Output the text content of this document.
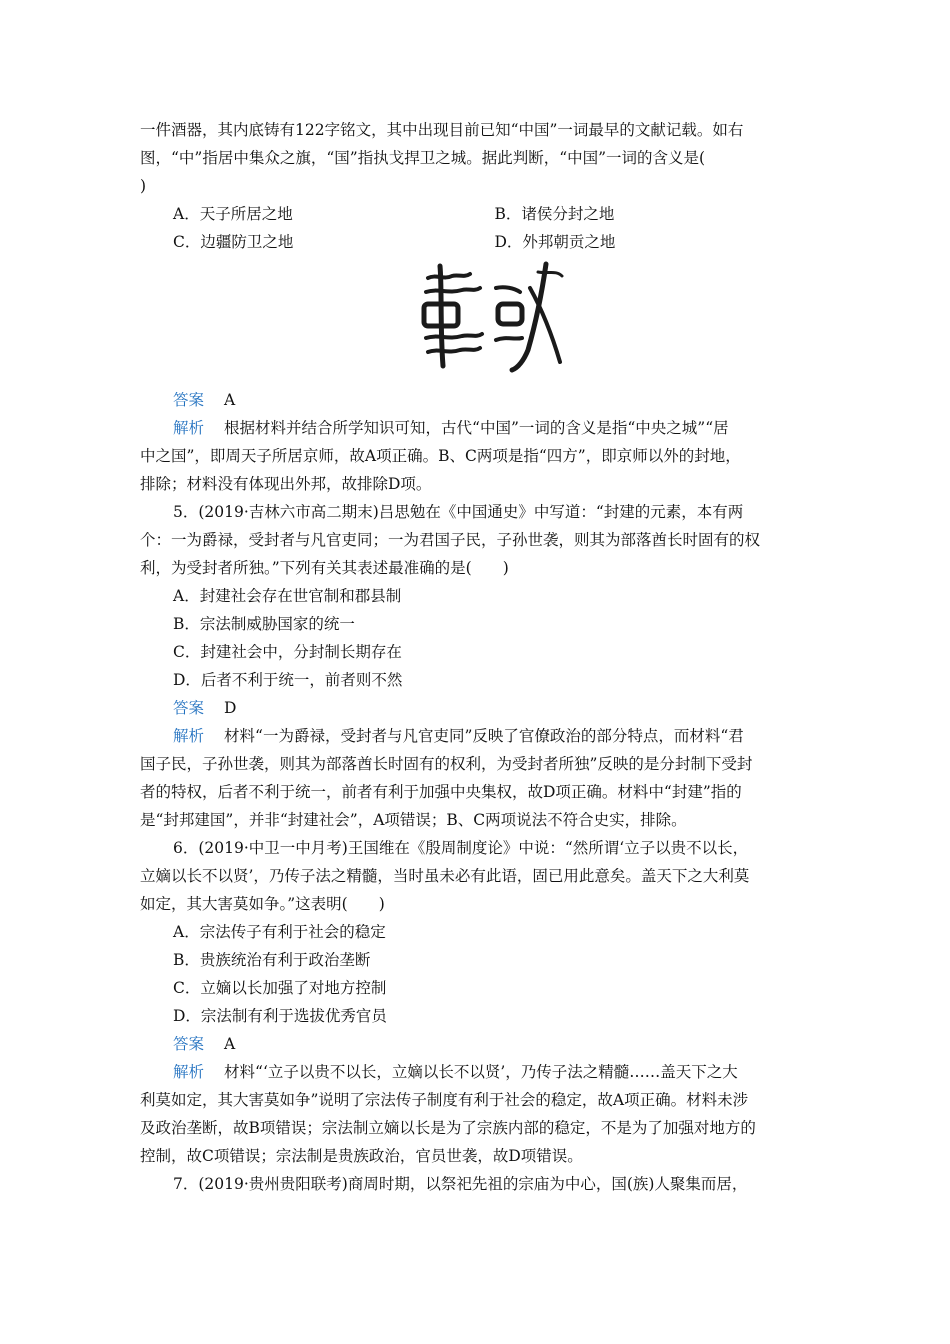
一件酒器，其内底铸有122字铭文，其中出现目前已知“中国”一词最早的文献记载。如右
图，“中”指居中集众之旗，“国”指执戈捍卫之城。据此判断，“中国”一词的含义是(
)
A．天子所居之地	B．诸侯分封之地
C．边疆防卫之地	D．外邦朝贡之地
答案 A
解析 根据材料并结合所学知识可知，古代“中国”一词的含义是指“中央之城”“居
中之国”，即周天子所居京师，故A项正确。B、C两项是指“四方”，即京师以外的封地，
排除；材料没有体现出外邦，故排除D项。
5．(2019·吉林六市高二期末)吕思勉在《中国通史》中写道：“封建的元素，本有两
个：一为爵禄，受封者与凡官吏同；一为君国子民，子孙世袭，则其为部落酋长时固有的权
利，为受封者所独。”下列有关其表述最准确的是(　　)
A．封建社会存在世官制和郡县制
B．宗法制威胁国家的统一
C．封建社会中，分封制长期存在
D．后者不利于统一，前者则不然
答案 D
解析 材料“一为爵禄，受封者与凡官吏同”反映了官僚政治的部分特点，而材料“君
国子民，子孙世袭，则其为部落酋长时固有的权利，为受封者所独”反映的是分封制下受封
者的特权，后者不利于统一，前者有利于加强中央集权，故D项正确。材料中“封建”指的
是“封邦建国”，并非“封建社会”，A项错误；B、C两项说法不符合史实，排除。
6．(2019·中卫一中月考)王国维在《殷周制度论》中说：“然所谓‘立子以贵不以长，
立嫡以长不以贤’，乃传子法之精髓，当时虽未必有此语，固已用此意矣。盖天下之大利莫
如定，其大害莫如争。”这表明(　　)
A．宗法传子有利于社会的稳定
B．贵族统治有利于政治垄断
C．立嫡以长加强了对地方控制
D．宗法制有利于选拔优秀官员
答案 A
解析 材料“‘立子以贵不以长，立嫡以长不以贤’，乃传子法之精髓……盖天下之大
利莫如定，其大害莫如争”说明了宗法传子制度有利于社会的稳定，故A项正确。材料未涉
及政治垄断，故B项错误；宗法制立嫡以长是为了宗族内部的稳定，不是为了加强对地方的
控制，故C项错误；宗法制是贵族政治，官员世袭，故D项错误。
7．(2019·贵州贵阳联考)商周时期，以祭祀先祖的宗庙为中心，国(族)人聚集而居，
